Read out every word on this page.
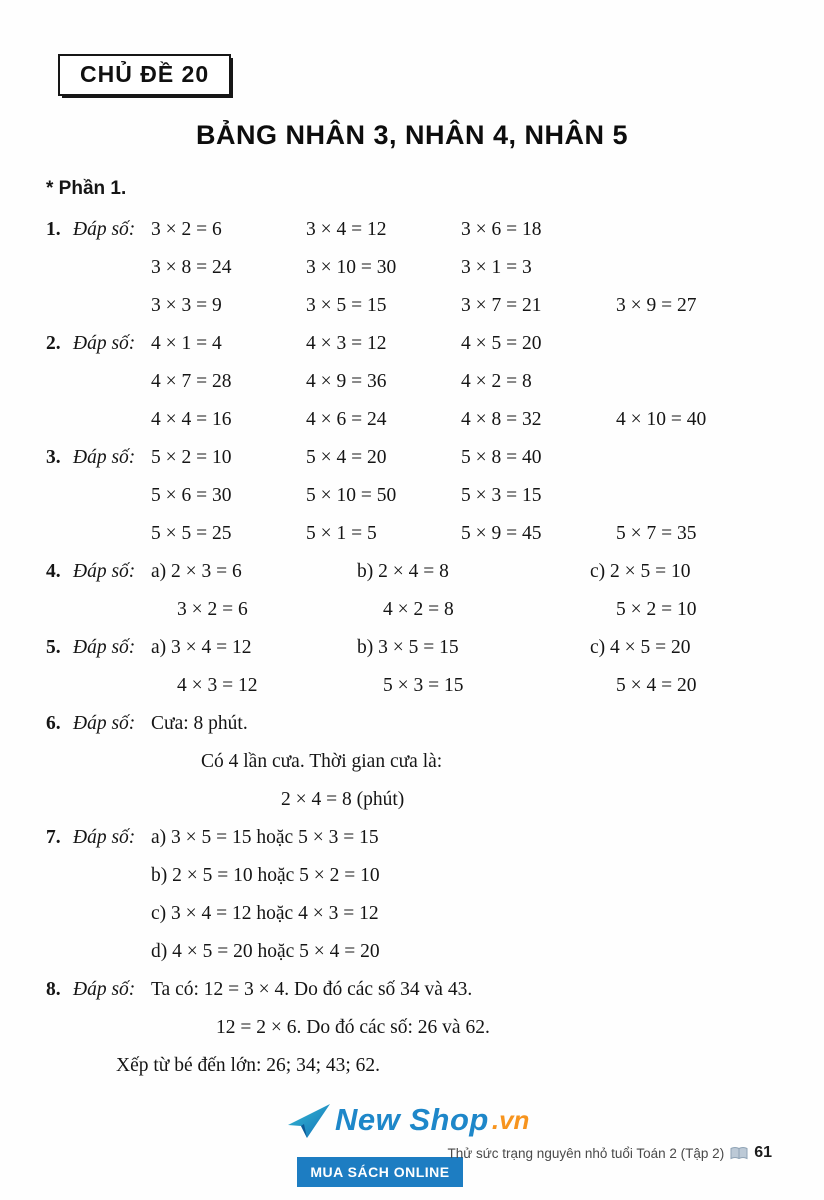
CHỦ ĐỀ 20
BẢNG NHÂN 3, NHÂN 4, NHÂN 5
* Phần 1.
1. Đáp số: 3 × 2 = 6	3 × 4 = 12	3 × 6 = 18
3 × 8 = 24	3 × 10 = 30	3 × 1 = 3
3 × 3 = 9	3 × 5 = 15	3 × 7 = 21	3 × 9 = 27
2. Đáp số: 4 × 1 = 4	4 × 3 = 12	4 × 5 = 20
4 × 7 = 28	4 × 9 = 36	4 × 2 = 8
4 × 4 = 16	4 × 6 = 24	4 × 8 = 32	4 × 10 = 40
3. Đáp số: 5 × 2 = 10	5 × 4 = 20	5 × 8 = 40
5 × 6 = 30	5 × 10 = 50	5 × 3 = 15
5 × 5 = 25	5 × 1 = 5	5 × 9 = 45	5 × 7 = 35
4. Đáp số: a) 2 × 3 = 6	b) 2 × 4 = 8	c) 2 × 5 = 10
3 × 2 = 6	4 × 2 = 8	5 × 2 = 10
5. Đáp số: a) 3 × 4 = 12	b) 3 × 5 = 15	c) 4 × 5 = 20
4 × 3 = 12	5 × 3 = 15	5 × 4 = 20
6. Đáp số: Cưa: 8 phút.
Có 4 lần cưa. Thời gian cưa là:
2 × 4 = 8 (phút)
7. Đáp số: a) 3 × 5 = 15 hoặc 5 × 3 = 15
b) 2 × 5 = 10 hoặc 5 × 2 = 10
c) 3 × 4 = 12 hoặc 4 × 3 = 12
d) 4 × 5 = 20 hoặc 5 × 4 = 20
8. Đáp số: Ta có: 12 = 3 × 4. Do đó các số 34 và 43.
12 = 2 × 6. Do đó các số: 26 và 62.
Xếp từ bé đến lớn: 26; 34; 43; 62.
New Shop .vn
MUA SÁCH ONLINE
Thử sức trạng nguyên nhỏ tuổi Toán 2 (Tập 2) 61
